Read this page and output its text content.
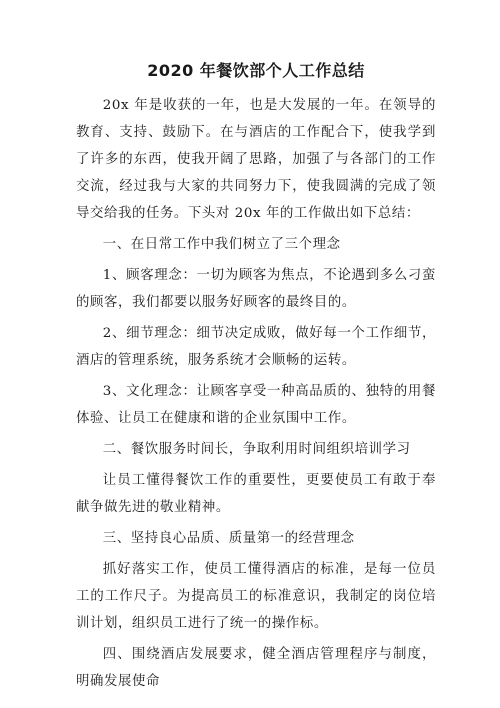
2020 年餐饮部个人工作总结

20x 年是收获的一年，也是大发展的一年。在领导的教育、支持、鼓励下。在与酒店的工作配合下，使我学到了许多的东西，使我开阔了思路，加强了与各部门的工作交流，经过我与大家的共同努力下，使我圆满的完成了领导交给我的任务。下头对 20x 年的工作做出如下总结：

一、在日常工作中我们树立了三个理念

1、顾客理念：一切为顾客为焦点，不论遇到多么刁蛮的顾客，我们都要以服务好顾客的最终目的。

2、细节理念：细节决定成败，做好每一个工作细节，酒店的管理系统，服务系统才会顺畅的运转。

3、文化理念：让顾客享受一种高品质的、独特的用餐体验、让员工在健康和谐的企业氛围中工作。

二、餐饮服务时间长，争取利用时间组织培训学习

让员工懂得餐饮工作的重要性，更要使员工有敢于奉献争做先进的敬业精神。

三、坚持良心品质、质量第一的经营理念

抓好落实工作，使员工懂得酒店的标准，是每一位员工的工作尺子。为提高员工的标准意识，我制定的岗位培训计划，组织员工进行了统一的操作标。

四、围绕酒店发展要求，健全酒店管理程序与制度，明确发展使命
